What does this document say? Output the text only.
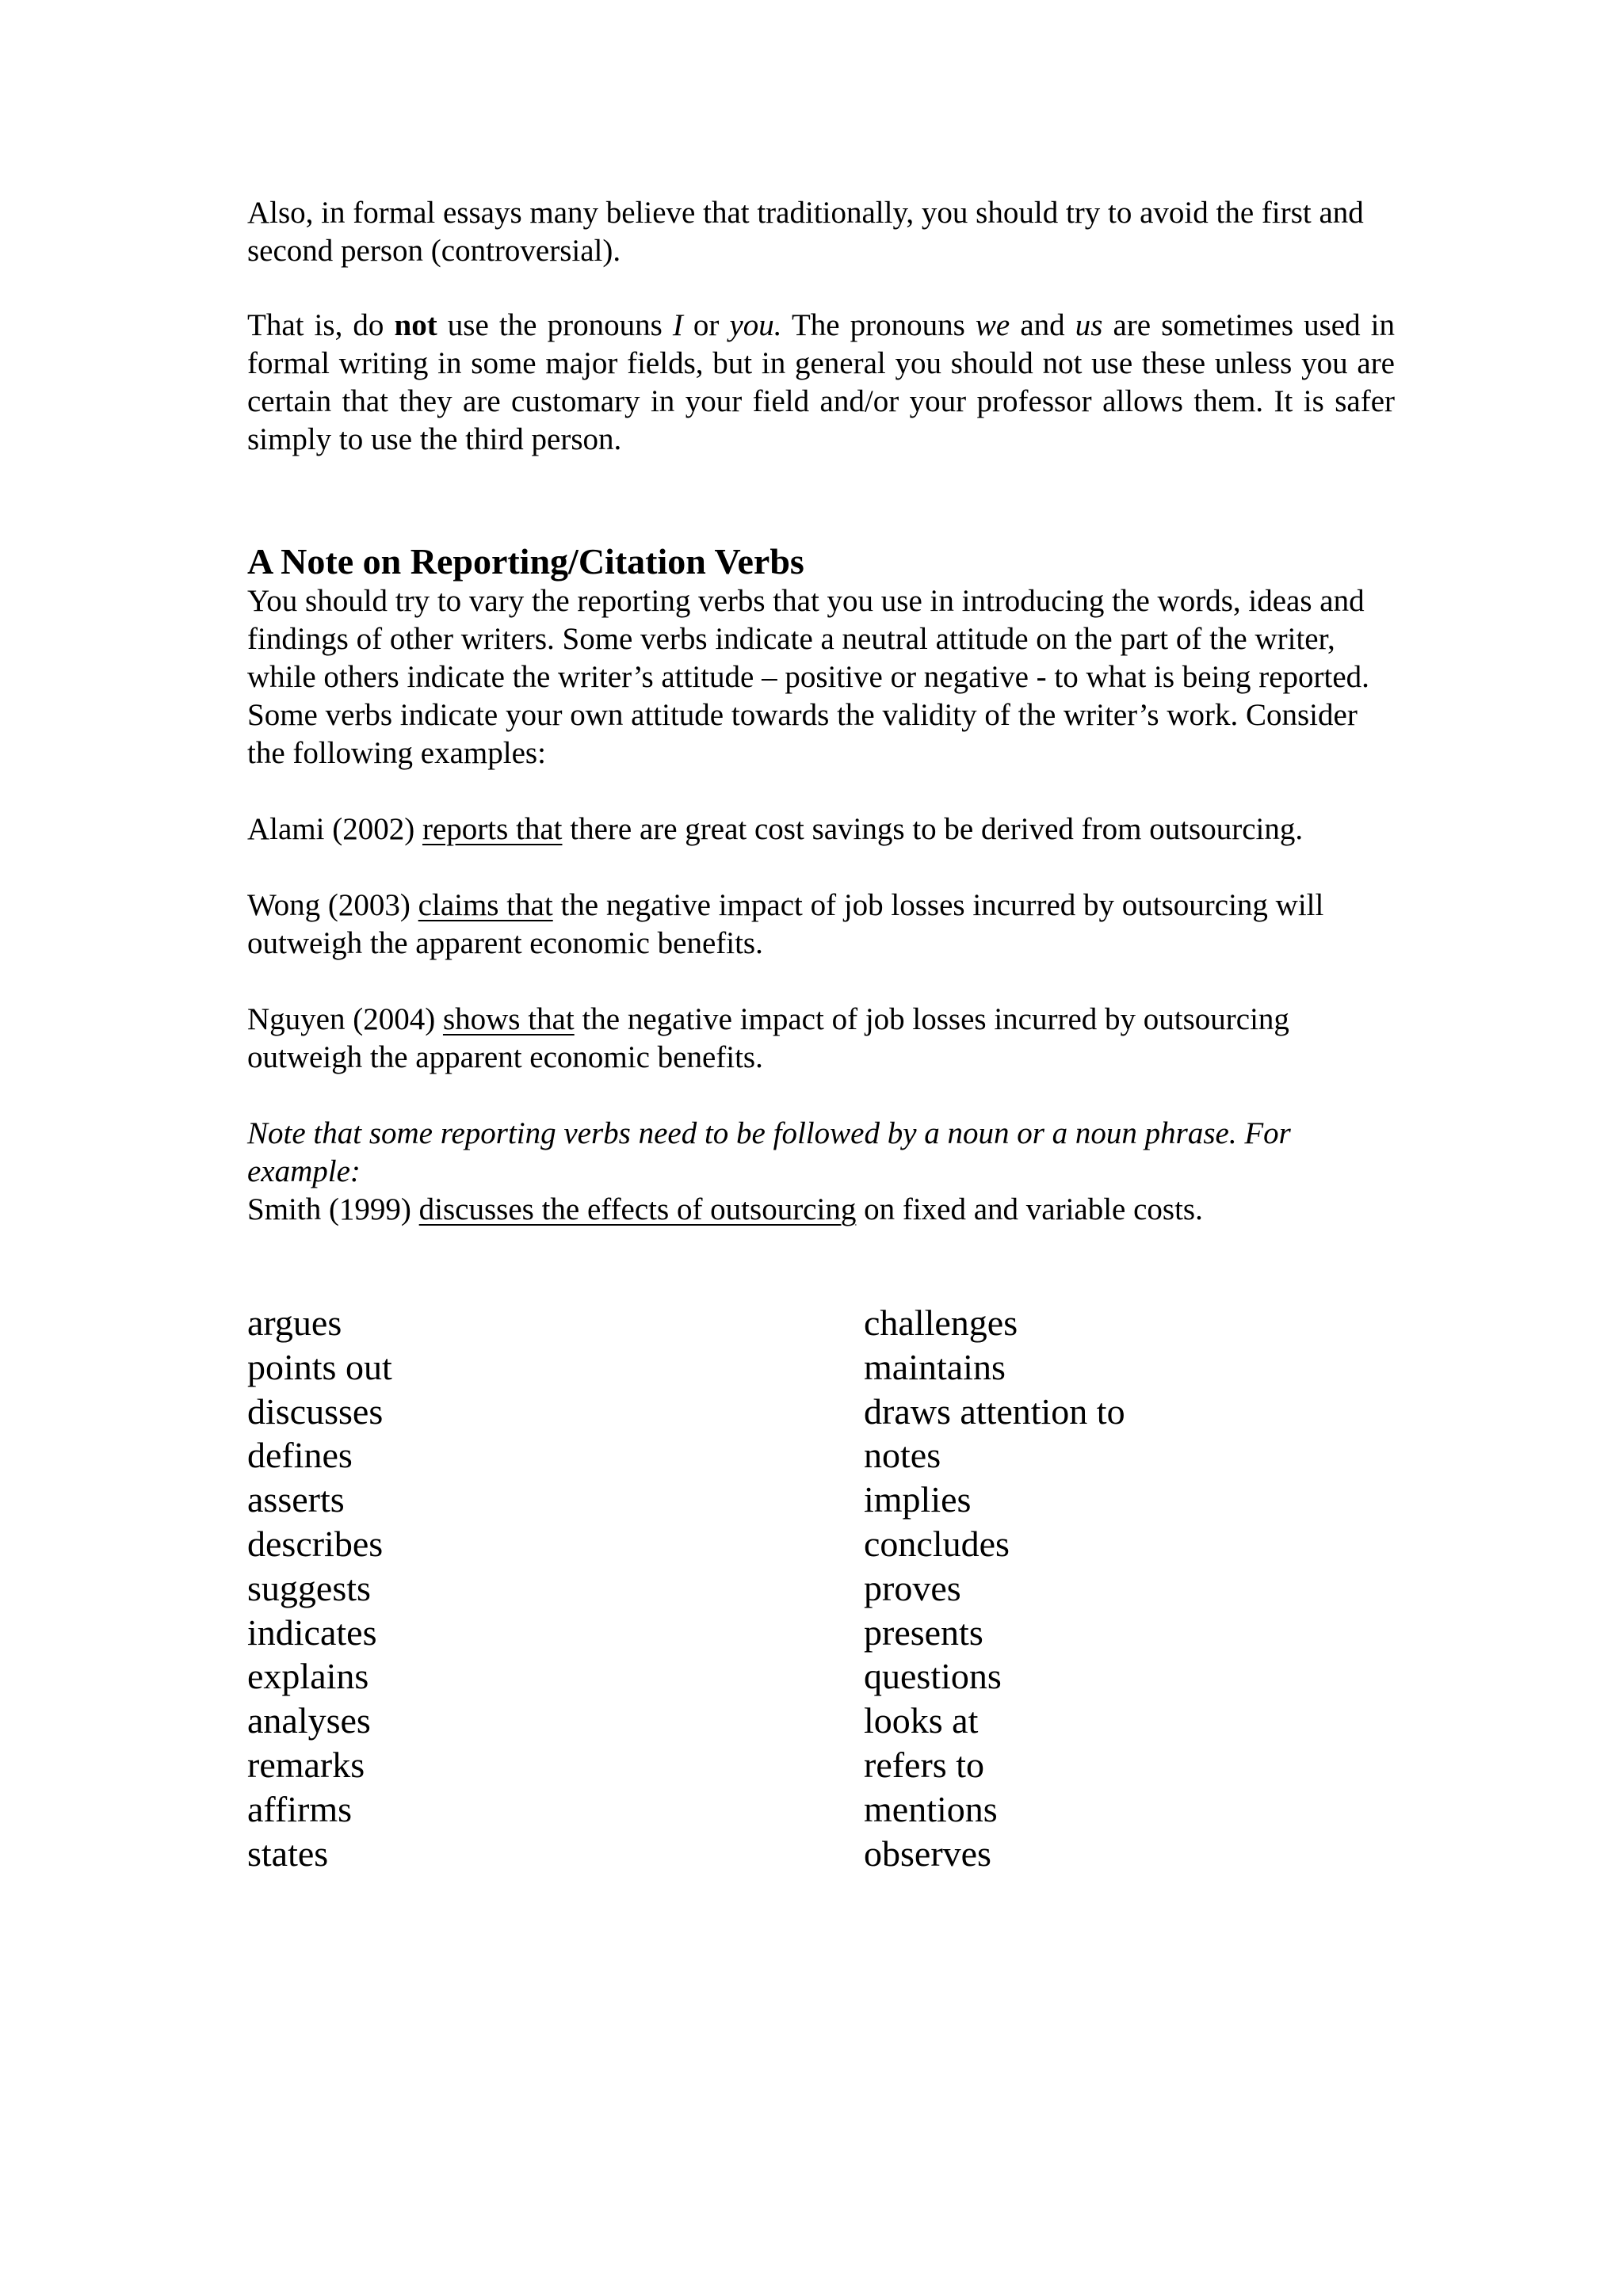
Also, in formal essays many believe that traditionally, you should try to avoid the first and second person (controversial).

That is, do not use the pronouns I or you. The pronouns we and us are sometimes used in formal writing in some major fields, but in general you should not use these unless you are certain that they are customary in your field and/or your professor allows them. It is safer simply to use the third person.

A Note on Reporting/Citation Verbs

You should try to vary the reporting verbs that you use in introducing the words, ideas and findings of other writers. Some verbs indicate a neutral attitude on the part of the writer, while others indicate the writer’s attitude – positive or negative - to what is being reported. Some verbs indicate your own attitude towards the validity of the writer’s work. Consider the following examples:

Alami (2002) reports that there are great cost savings to be derived from outsourcing.

Wong (2003) claims that the negative impact of job losses incurred by outsourcing will outweigh the apparent economic benefits.

Nguyen (2004) shows that the negative impact of job losses incurred by outsourcing outweigh the apparent economic benefits.

Note that some reporting verbs need to be followed by a noun or a noun phrase. For example:

Smith (1999) discusses the effects of outsourcing on fixed and variable costs.

argues
points out
discusses
defines
asserts
describes
suggests
indicates
explains
analyses
remarks
affirms
states
challenges
maintains
draws attention to
notes
implies
concludes
proves
presents
questions
looks at
refers to
mentions
observes
